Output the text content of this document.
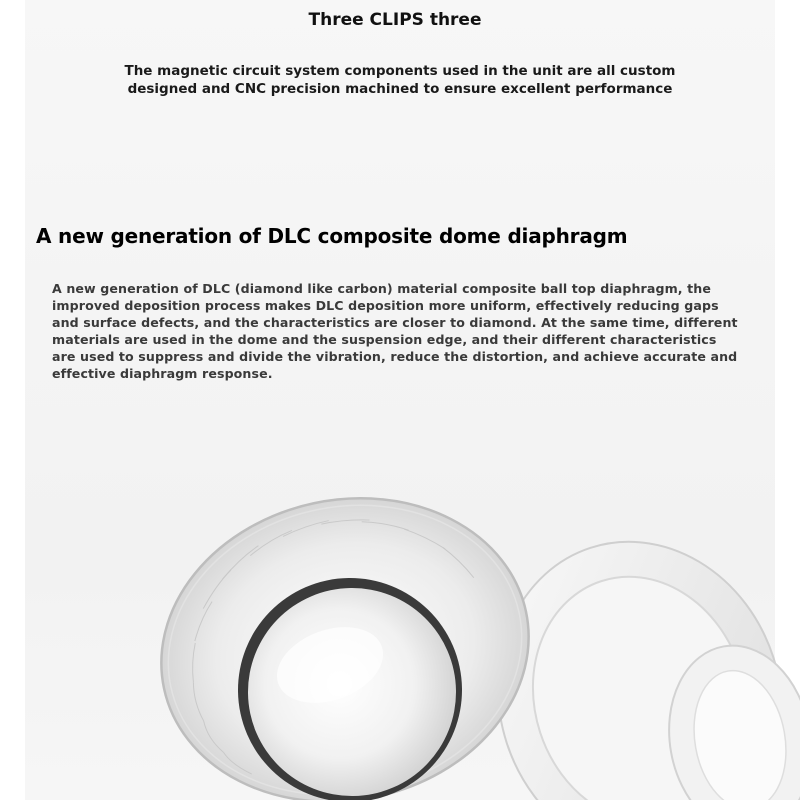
Three CLIPS three

The magnetic circuit system components used in the unit are all custom designed and CNC precision machined to ensure excellent performance

A new generation of DLC composite dome diaphragm

A new generation of DLC (diamond like carbon) material composite ball top diaphragm, the improved deposition process makes DLC deposition more uniform, effectively reducing gaps and surface defects, and the characteristics are closer to diamond. At the same time, different materials are used in the dome and the suspension edge, and their different characteristics are used to suppress and divide the vibration, reduce the distortion, and achieve accurate and effective diaphragm response.
